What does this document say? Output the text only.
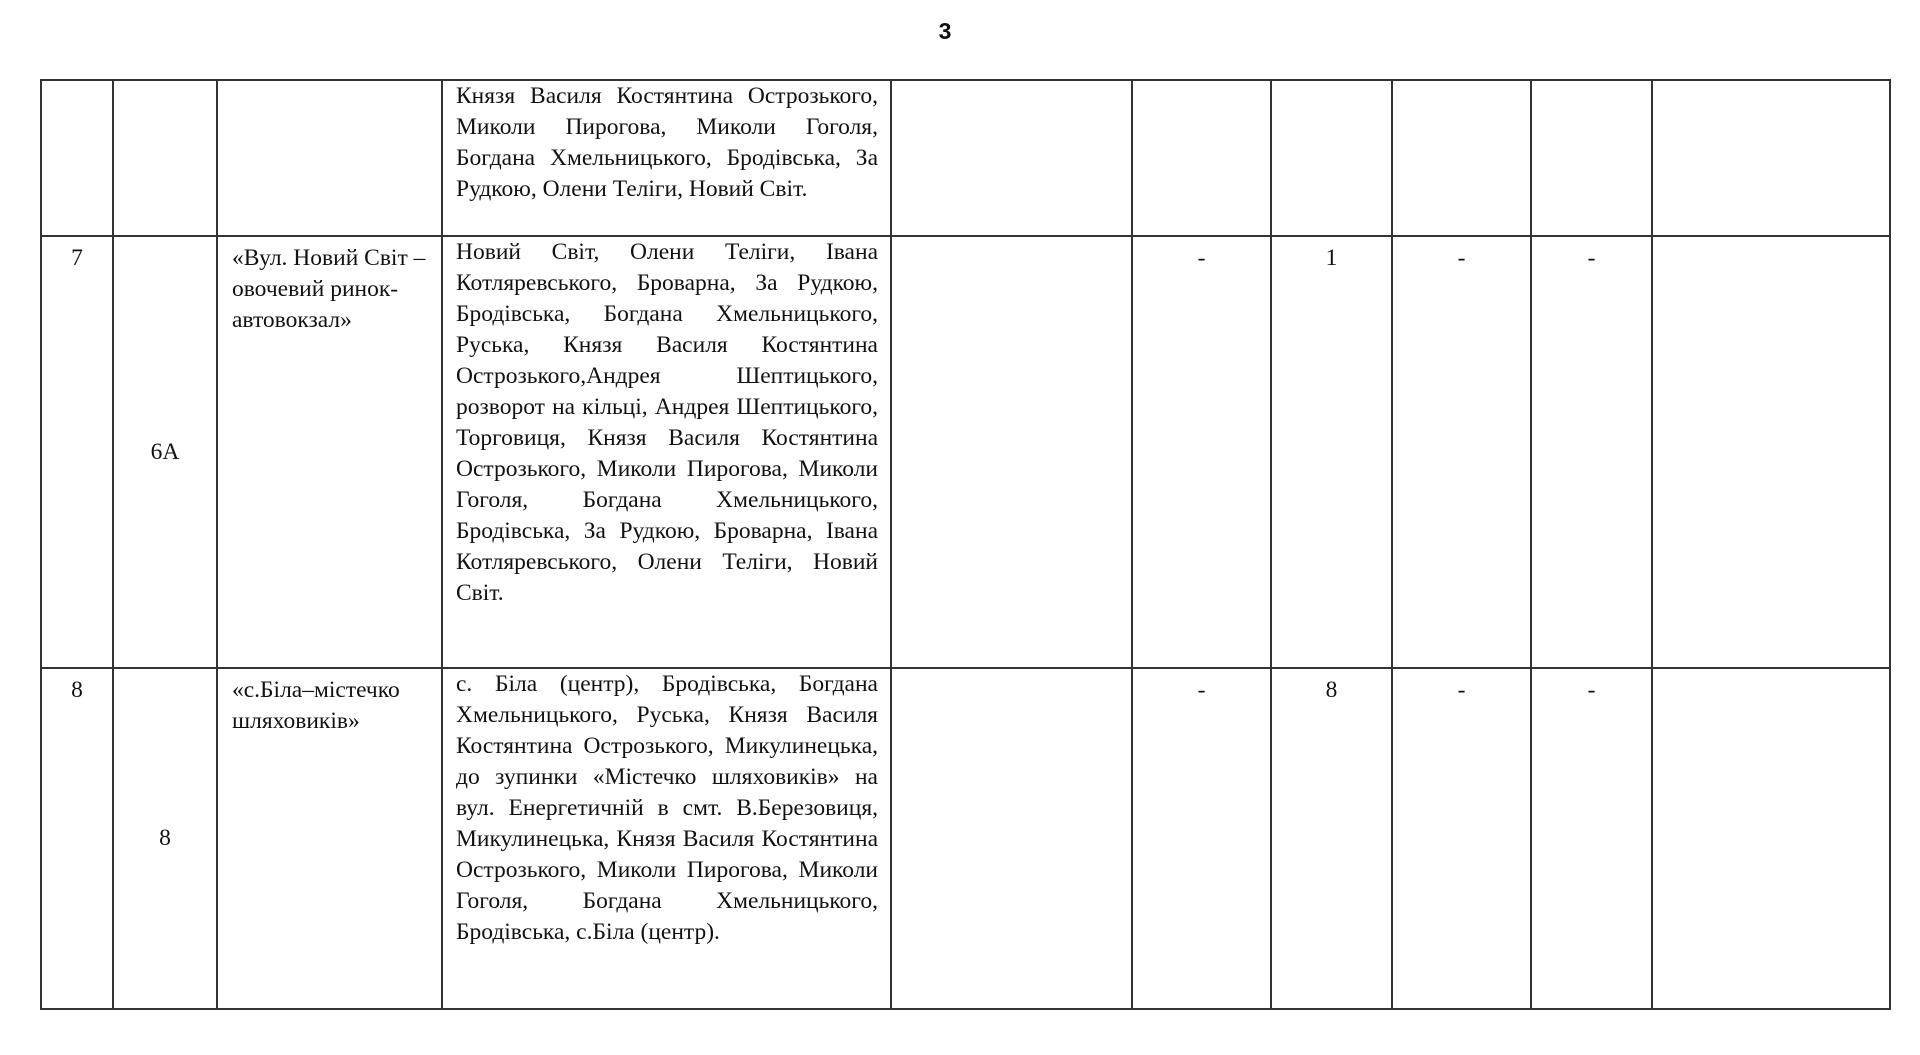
3
			Князя Василя Костянтина Острозького, Миколи Пирогова, Миколи Гоголя, Богдана Хмельницького, Бродівська, За Рудкою, Олени Теліги, Новий Світ.						
7	6А	«Вул. Новий Світ – овочевий ринок-автовокзал»	Новий Світ, Олени Теліги, Івана Котляревського, Броварна, За Рудкою, Бродівська, Богдана Хмельницького, Руська, Князя Василя Костянтина Острозького,Андрея Шептицького, розворот на кільці, Андрея Шептицького, Торговиця, Князя Василя Костянтина Острозького, Миколи Пирогова, Миколи Гоголя, Богдана Хмельницького, Бродівська, За Рудкою, Броварна, Івана Котляревського, Олени Теліги, Новий Світ.		-	1	-	-	
8	8	«с.Біла–містечко шляховиків»	с. Біла (центр), Бродівська, Богдана Хмельницького, Руська, Князя Василя Костянтина Острозького, Микулинецька, до зупинки «Містечко шляховиків» на вул. Енергетичній в смт. В.Березовиця, Микулинецька, Князя Василя Костянтина Острозького, Миколи Пирогова, Миколи Гоголя, Богдана Хмельницького, Бродівська, с.Біла (центр).		-	8	-	-	
